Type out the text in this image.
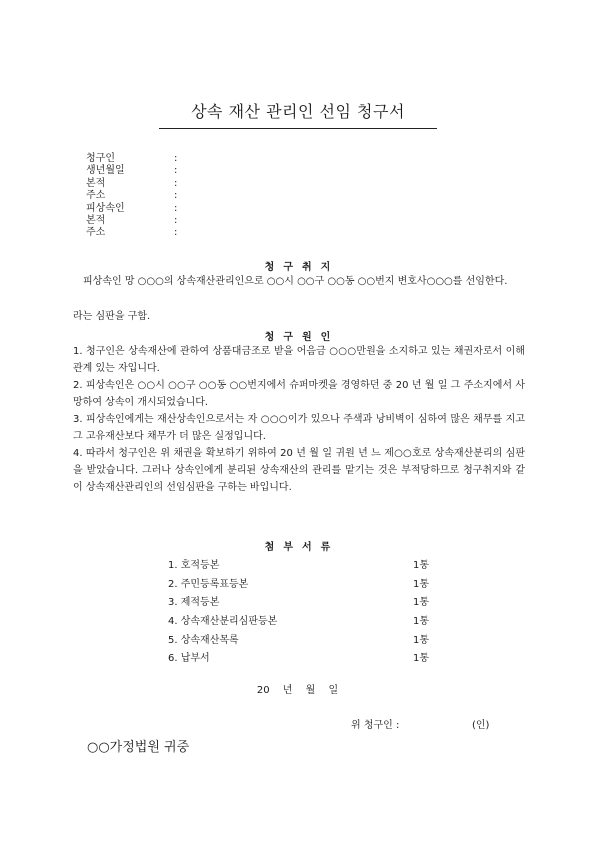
상속 재산 관리인 선임 청구서
청구인	:
생년월일	:
본적	:
주소	:
피상속인	:
본적	:
주소	:
청구취지
피상속인 망 ○○○의 상속재산관리인으로 ○○시 ○○구 ○○동 ○○번지 변호사○○○를 선임한다.
라는 심판을 구함.
청구원인
1. 청구인은 상속재산에 관하여 상품대금조로 받을 어음금 ○○○만원을 소지하고 있는 채권자로서 이해관계 있는 자입니다.
2. 피상속인은 ○○시 ○○구 ○○동 ○○번지에서 슈퍼마켓을 경영하던 중 20 년 월 일 그 주소지에서 사망하여 상속이 개시되었습니다.
3. 피상속인에게는 재산상속인으로서는 자 ○○○이가 있으나 주색과 낭비벽이 심하여 많은 채무를 지고 그 고유재산보다 채무가 더 많은 실정입니다.
4. 따라서 청구인은 위 채권을 확보하기 위하여 20 년 월 일 귀원 년 느 제○○호로 상속재산분리의 심판을 받았습니다. 그러나 상속인에게 분리된 상속재산의 관리를 맡기는 것은 부적당하므로 청구취지와 같이 상속재산관리인의 선임심판을 구하는 바입니다.
첨부서류
1. 호적등본	1통
2. 주민등록표등본	1통
3. 제적등본	1통
4. 상속재산분리심판등본	1통
5. 상속재산목록	1통
6. 납부서	1통
20 년 월 일
위 청구인 :	(인)
○○가정법원 귀중
